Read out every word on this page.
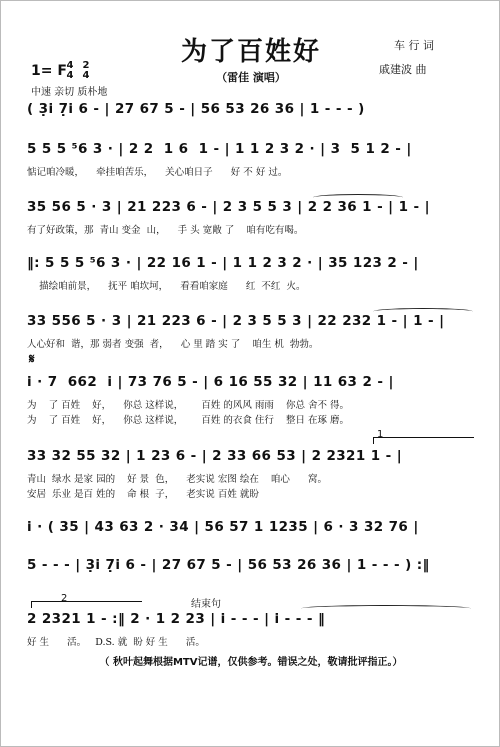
为了百姓好
（雷佳 演唱）
车 行 词
戚建波 曲
1= F 4
4
2
4
中速 亲切 质朴地
( 3̣i 7̣i 6 - | 27 67 5 - | 56 53 26 36 | 1 - - - )
5 5 5 ⁵6 3 · | 2 2  1 6  1 - | 1 1 2 3 2 · | 3  5 1 2 - |
惦记咱冷暖，    牵挂咱苦乐，    关心咱日子      好 不 好 过。
35 56 5 · 3 | 21 223 6 - | 2 3 5 5 3 | 2 2 36 1 - | 1 - |
有了好政策，那  青山 变金  山，    手 头 宽敞 了    咱有吃有喝。
‖: 5 5 5 ⁵6 3 · | 22 16 1 - | 1 1 2 3 2 · | 35 123 2 - |
描绘咱前景，    抚平 咱坎坷，    看看咱家庭      红  不红  火。
33 556 5 · 3 | 21 223 6 - | 2 3 5 5 3 | 22 232 1 - | 1 - |
人心好和  谐，那 弱者 变强  者，    心 里 踏 实 了    咱生 机  勃勃。
𝄋
i · 7  662  i | 73 76 5 - | 6 16 55 32 | 11 63 2 - |
为    了 百姓    好，    你总 这样说，      百姓 的风风 雨雨    你总 舍不 得。
为    了 百姓    好，    你总 这样说，      百姓 的衣食 住行    整日 在琢 磨。
1
33 32 55 32 | 1 23 6 - | 2 33 66 53 | 2 2321 1 - |
青山  绿水 是家 园的    好 景  色，    老实说 宏图 绘在    咱心      窝。
安居  乐业 是百 姓的    命 根  子，    老实说 百姓 就盼
i · ( 35 | 43 63 2 · 34 | 56 57 1 1235 | 6 · 3 32 76 |
5 - - - | 3̣i 7̣i 6 - | 27 67 5 - | 56 53 26 36 | 1 - - - ) :‖
2
结束句
2 2321 1 - :‖ 2 · 1 2 23 | i - - - | i - - - ‖
好 生      活。   D.S. 就  盼 好 生      活。
（ 秋叶起舞根据MTV记谱，仅供参考。错误之处，敬请批评指正。）
